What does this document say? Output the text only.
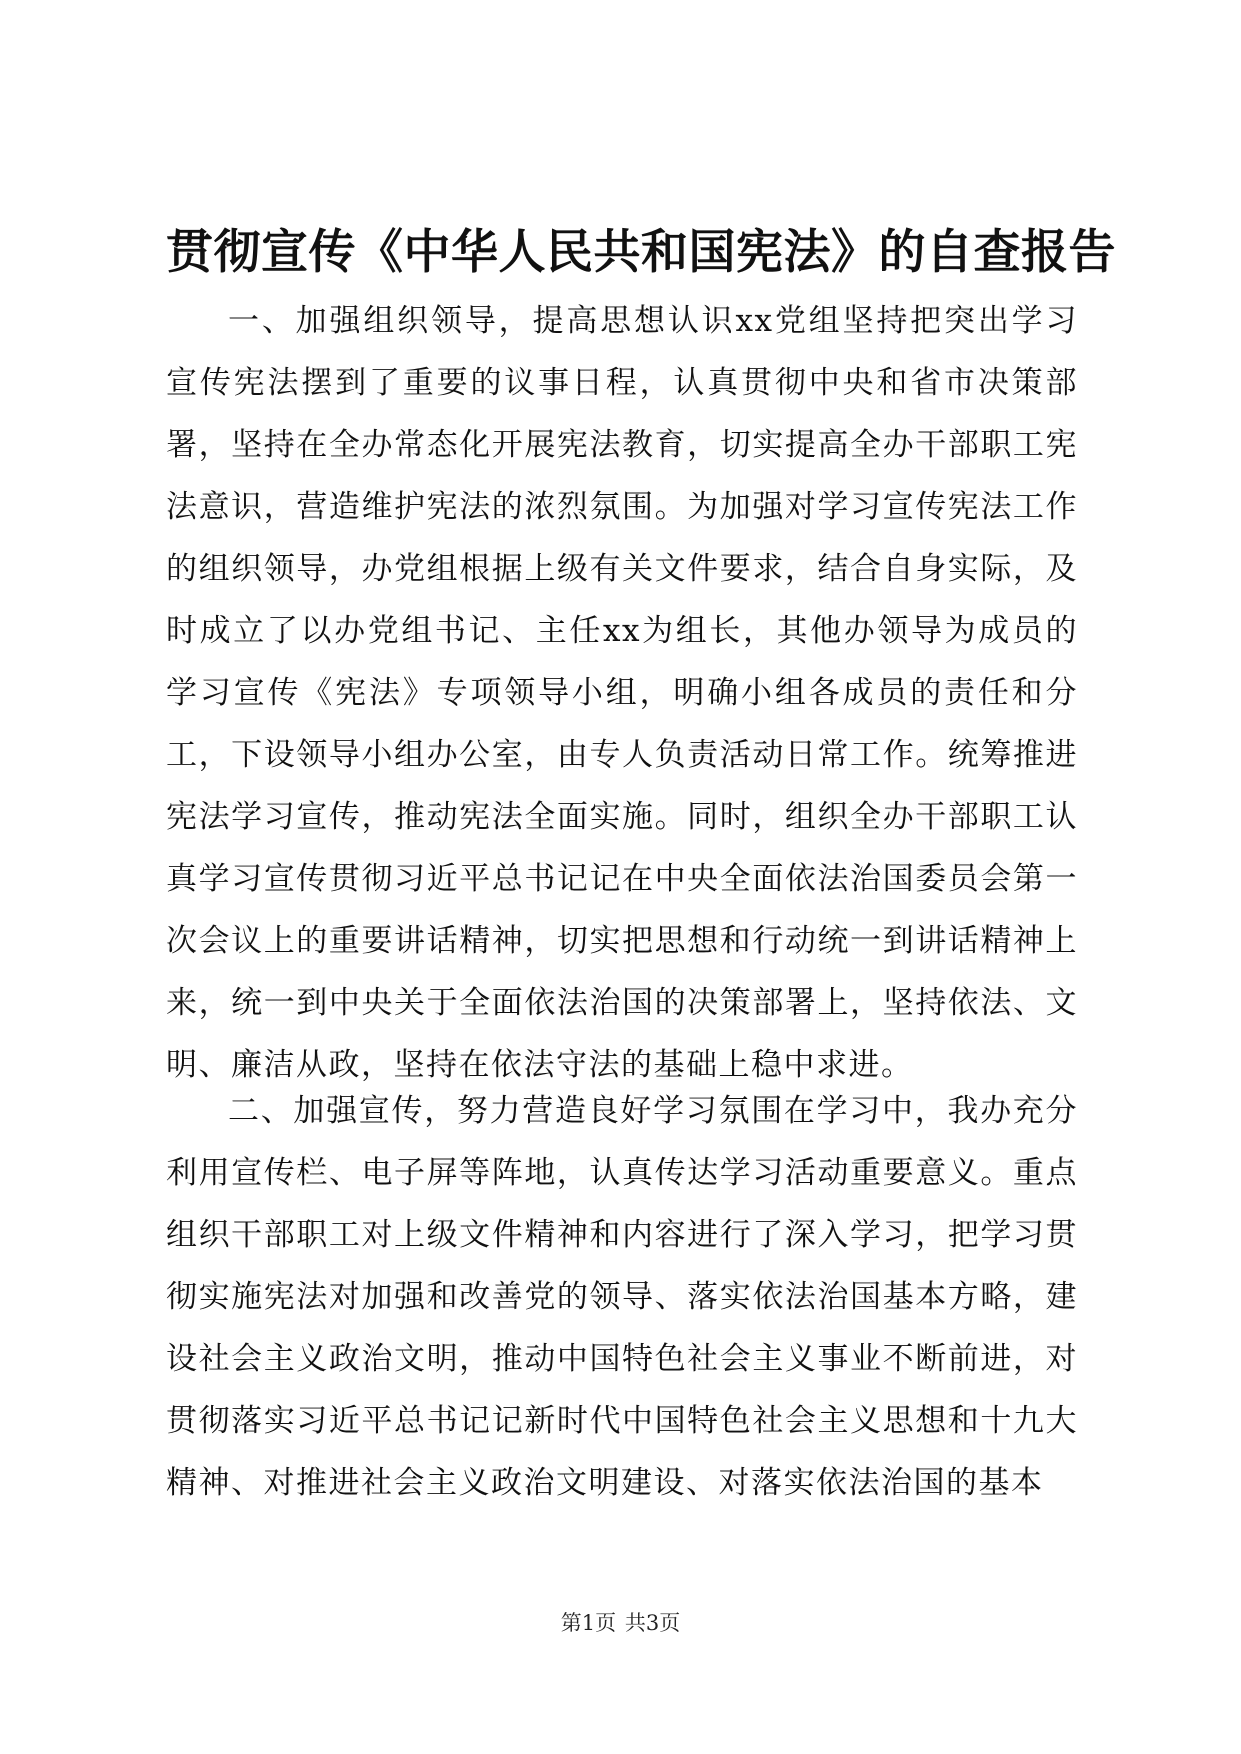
贯彻宣传《中华人民共和国宪法》的自查报告

一、加强组织领导，提高思想认识xx党组坚持把突出学习宣传宪法摆到了重要的议事日程，认真贯彻中央和省市决策部署，坚持在全办常态化开展宪法教育，切实提高全办干部职工宪法意识，营造维护宪法的浓烈氛围。为加强对学习宣传宪法工作的组织领导，办党组根据上级有关文件要求，结合自身实际，及时成立了以办党组书记、主任xx为组长，其他办领导为成员的学习宣传《宪法》专项领导小组，明确小组各成员的责任和分工，下设领导小组办公室，由专人负责活动日常工作。统筹推进宪法学习宣传，推动宪法全面实施。同时，组织全办干部职工认真学习宣传贯彻习近平总书记记在中央全面依法治国委员会第一次会议上的重要讲话精神，切实把思想和行动统一到讲话精神上来，统一到中央关于全面依法治国的决策部署上，坚持依法、文明、廉洁从政，坚持在依法守法的基础上稳中求进。

二、加强宣传，努力营造良好学习氛围在学习中，我办充分利用宣传栏、电子屏等阵地，认真传达学习活动重要意义。重点组织干部职工对上级文件精神和内容进行了深入学习，把学习贯彻实施宪法对加强和改善党的领导、落实依法治国基本方略，建设社会主义政治文明，推动中国特色社会主义事业不断前进，对贯彻落实习近平总书记记新时代中国特色社会主义思想和十九大精神、对推进社会主义政治文明建设、对落实依法治国的基本

第1页 共3页
